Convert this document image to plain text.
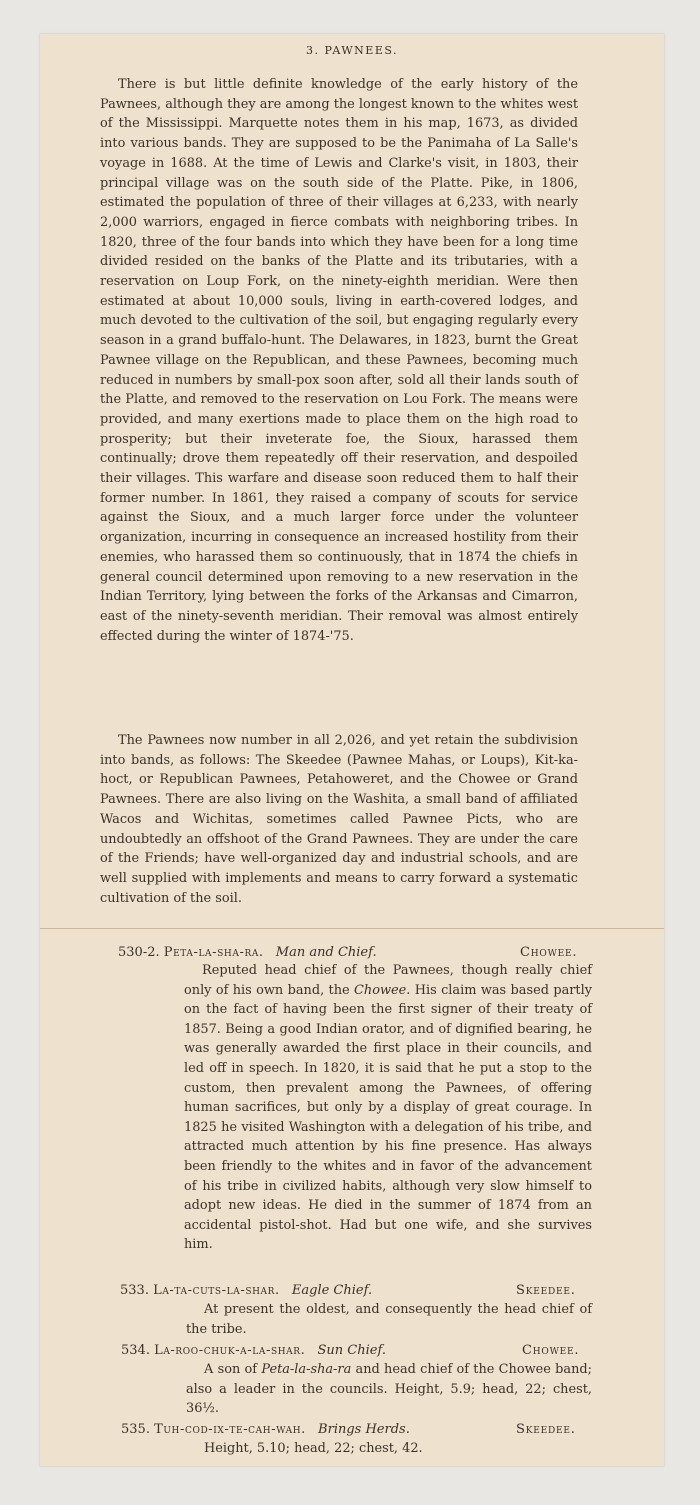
3. PAWNEES.

There is but little definite knowledge of the early history of the Pawnees, although they are among the longest known to the whites west of the Mississippi. Marquette notes them in his map, 1673, as divided into various bands. They are supposed to be the Panimaha of La Salle's voyage in 1688. At the time of Lewis and Clarke's visit, in 1803, their principal village was on the south side of the Platte. Pike, in 1806, estimated the population of three of their villages at 6,233, with nearly 2,000 warriors, engaged in fierce combats with neighboring tribes. In 1820, three of the four bands into which they have been for a long time divided resided on the banks of the Platte and its tributaries, with a reservation on Loup Fork, on the ninety-eighth meridian. Were then estimated at about 10,000 souls, living in earth-covered lodges, and much devoted to the cultivation of the soil, but engaging regularly every season in a grand buffalo-hunt. The Delawares, in 1823, burnt the Great Pawnee village on the Republican, and these Pawnees, becoming much reduced in numbers by small-pox soon after, sold all their lands south of the Platte, and removed to the reservation on Lou Fork. The means were provided, and many exertions made to place them on the high road to prosperity; but their inveterate foe, the Sioux, harassed them continually; drove them repeatedly off their reservation, and despoiled their villages. This warfare and disease soon reduced them to half their former number. In 1861, they raised a company of scouts for service against the Sioux, and a much larger force under the volunteer organization, incurring in consequence an increased hostility from their enemies, who harassed them so continuously, that in 1874 the chiefs in general council determined upon removing to a new reservation in the Indian Territory, lying between the forks of the Arkansas and Cimarron, east of the ninety-seventh meridian. Their removal was almost entirely effected during the winter of 1874-'75.

The Pawnees now number in all 2,026, and yet retain the subdivision into bands, as follows: The Skeedee (Pawnee Mahas, or Loups), Kit-ka-hoct, or Republican Pawnees, Petahoweret, and the Chowee or Grand Pawnees. There are also living on the Washita, a small band of affiliated Wacos and Wichitas, sometimes called Pawnee Picts, who are undoubtedly an offshoot of the Grand Pawnees. They are under the care of the Friends; have well-organized day and industrial schools, and are well supplied with implements and means to carry forward a systematic cultivation of the soil.

530-2. Peta-la-sha-ra. Man and Chief.	Chowee.

Reputed head chief of the Pawnees, though really chief only of his own band, the Chowee. His claim was based partly on the fact of having been the first signer of their treaty of 1857. Being a good Indian orator, and of dignified bearing, he was generally awarded the first place in their councils, and led off in speech. In 1820, it is said that he put a stop to the custom, then prevalent among the Pawnees, of offering human sacrifices, but only by a display of great courage. In 1825 he visited Washington with a delegation of his tribe, and attracted much attention by his fine presence. Has always been friendly to the whites and in favor of the advancement of his tribe in civilized habits, although very slow himself to adopt new ideas. He died in the summer of 1874 from an accidental pistol-shot. Had but one wife, and she survives him.

533. La-ta-cuts-la-shar. Eagle Chief.	Skeedee.

At present the oldest, and consequently the head chief of the tribe.

534. La-roo-chuk-a-la-shar. Sun Chief.	Chowee.

A son of Peta-la-sha-ra and head chief of the Chowee band; also a leader in the councils. Height, 5.9; head, 22; chest, 36½.

535. Tuh-cod-ix-te-cah-wah. Brings Herds.	Skeedee.

Height, 5.10; head, 22; chest, 42.
